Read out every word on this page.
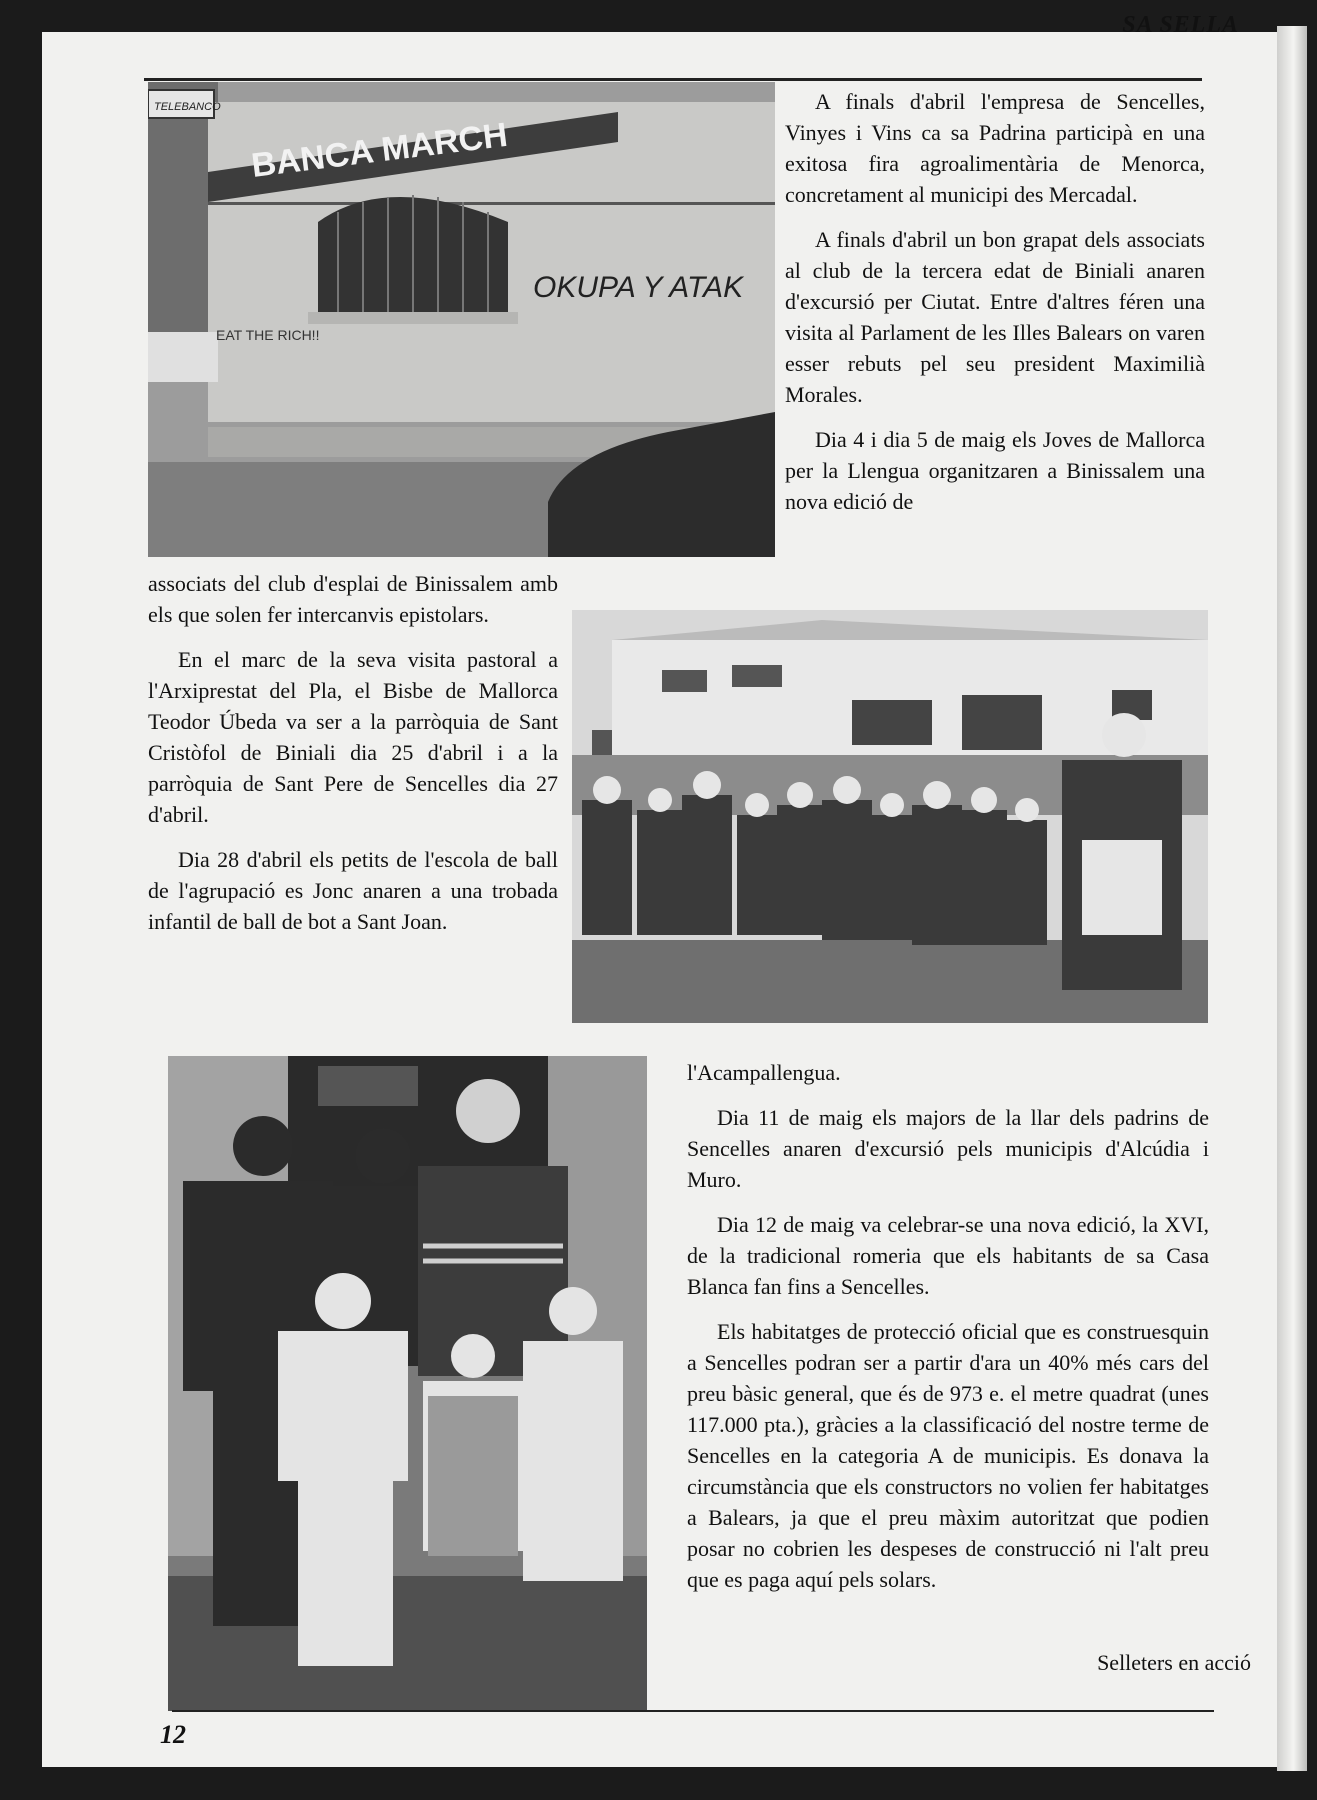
SA SELLA
TELEBANCO
BANCA MARCH
EAT THE RICH!!
OKUPA Y ATAK

A finals d'abril l'empresa de Sencelles, Vinyes i Vins ca sa Padrina participà en una exitosa fira agroalimentària de Menorca, concretament al municipi des Mercadal.

A finals d'abril un bon grapat dels associats al club de la tercera edat de Biniali anaren d'excursió per Ciutat. Entre d'altres féren una visita al Parlament de les Illes Balears on varen esser rebuts pel seu president Maximilià Morales.

Dia 4 i dia 5 de maig els Joves de Mallorca per la Llengua organitzaren a Binissalem una nova edició de

associats del club d'esplai de Binissalem amb els que solen fer intercanvis epistolars.

En el marc de la seva visita pastoral a l'Arxiprestat del Pla, el Bisbe de Mallorca Teodor Úbeda va ser a la parròquia de Sant Cristòfol de Biniali dia 25 d'abril i a la parròquia de Sant Pere de Sencelles dia 27 d'abril.

Dia 28 d'abril els petits de l'escola de ball de l'agrupació es Jonc anaren a una trobada infantil de ball de bot a Sant Joan.

l'Acampallengua.

Dia 11 de maig els majors de la llar dels padrins de Sencelles anaren d'excursió pels municipis d'Alcúdia i Muro.

Dia 12 de maig va celebrar-se una nova edició, la XVI, de la tradicional romeria que els habitants de sa Casa Blanca fan fins a Sencelles.

Els habitatges de protecció oficial que es construesquin a Sencelles podran ser a partir d'ara un 40% més cars del preu bàsic general, que és de 973 e. el metre quadrat (unes 117.000 pta.), gràcies a la classificació del nostre terme de Sencelles en la categoria A de municipis. Es donava la circumstància que els constructors no volien fer habitatges a Balears, ja que el preu màxim autoritzat que podien posar no cobrien les despeses de construcció ni l'alt preu que es paga aquí pels solars.

Selleters en acció
12
